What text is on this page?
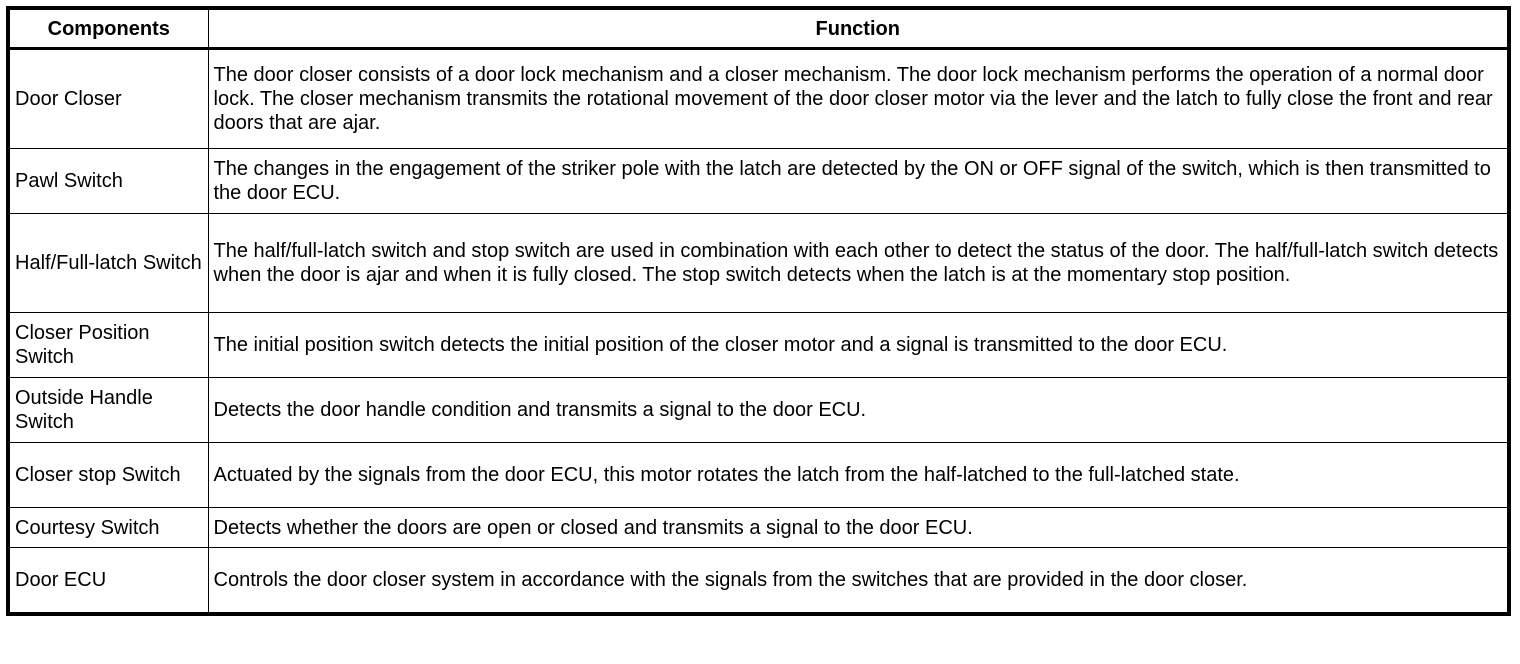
Components	Function
Door Closer	The door closer consists of a door lock mechanism and a closer mechanism. The door lock mechanism performs the operation of a normal door lock. The closer mechanism transmits the rotational movement of the door closer motor via the lever and the latch to fully close the front and rear doors that are ajar.
Pawl Switch	The changes in the engagement of the striker pole with the latch are detected by the ON or OFF signal of the switch, which is then transmitted to the door ECU.
Half/Full-latch Switch	The half/full-latch switch and stop switch are used in combination with each other to detect the status of the door. The half/full-latch switch detects when the door is ajar and when it is fully closed. The stop switch detects when the latch is at the momentary stop position.
Closer Position Switch	The initial position switch detects the initial position of the closer motor and a signal is transmitted to the door ECU.
Outside Handle Switch	Detects the door handle condition and transmits a signal to the door ECU.
Closer stop Switch	Actuated by the signals from the door ECU, this motor rotates the latch from the half-latched to the full-latched state.
Courtesy Switch	Detects whether the doors are open or closed and transmits a signal to the door ECU.
Door ECU	Controls the door closer system in accordance with the signals from the switches that are provided in the door closer.
